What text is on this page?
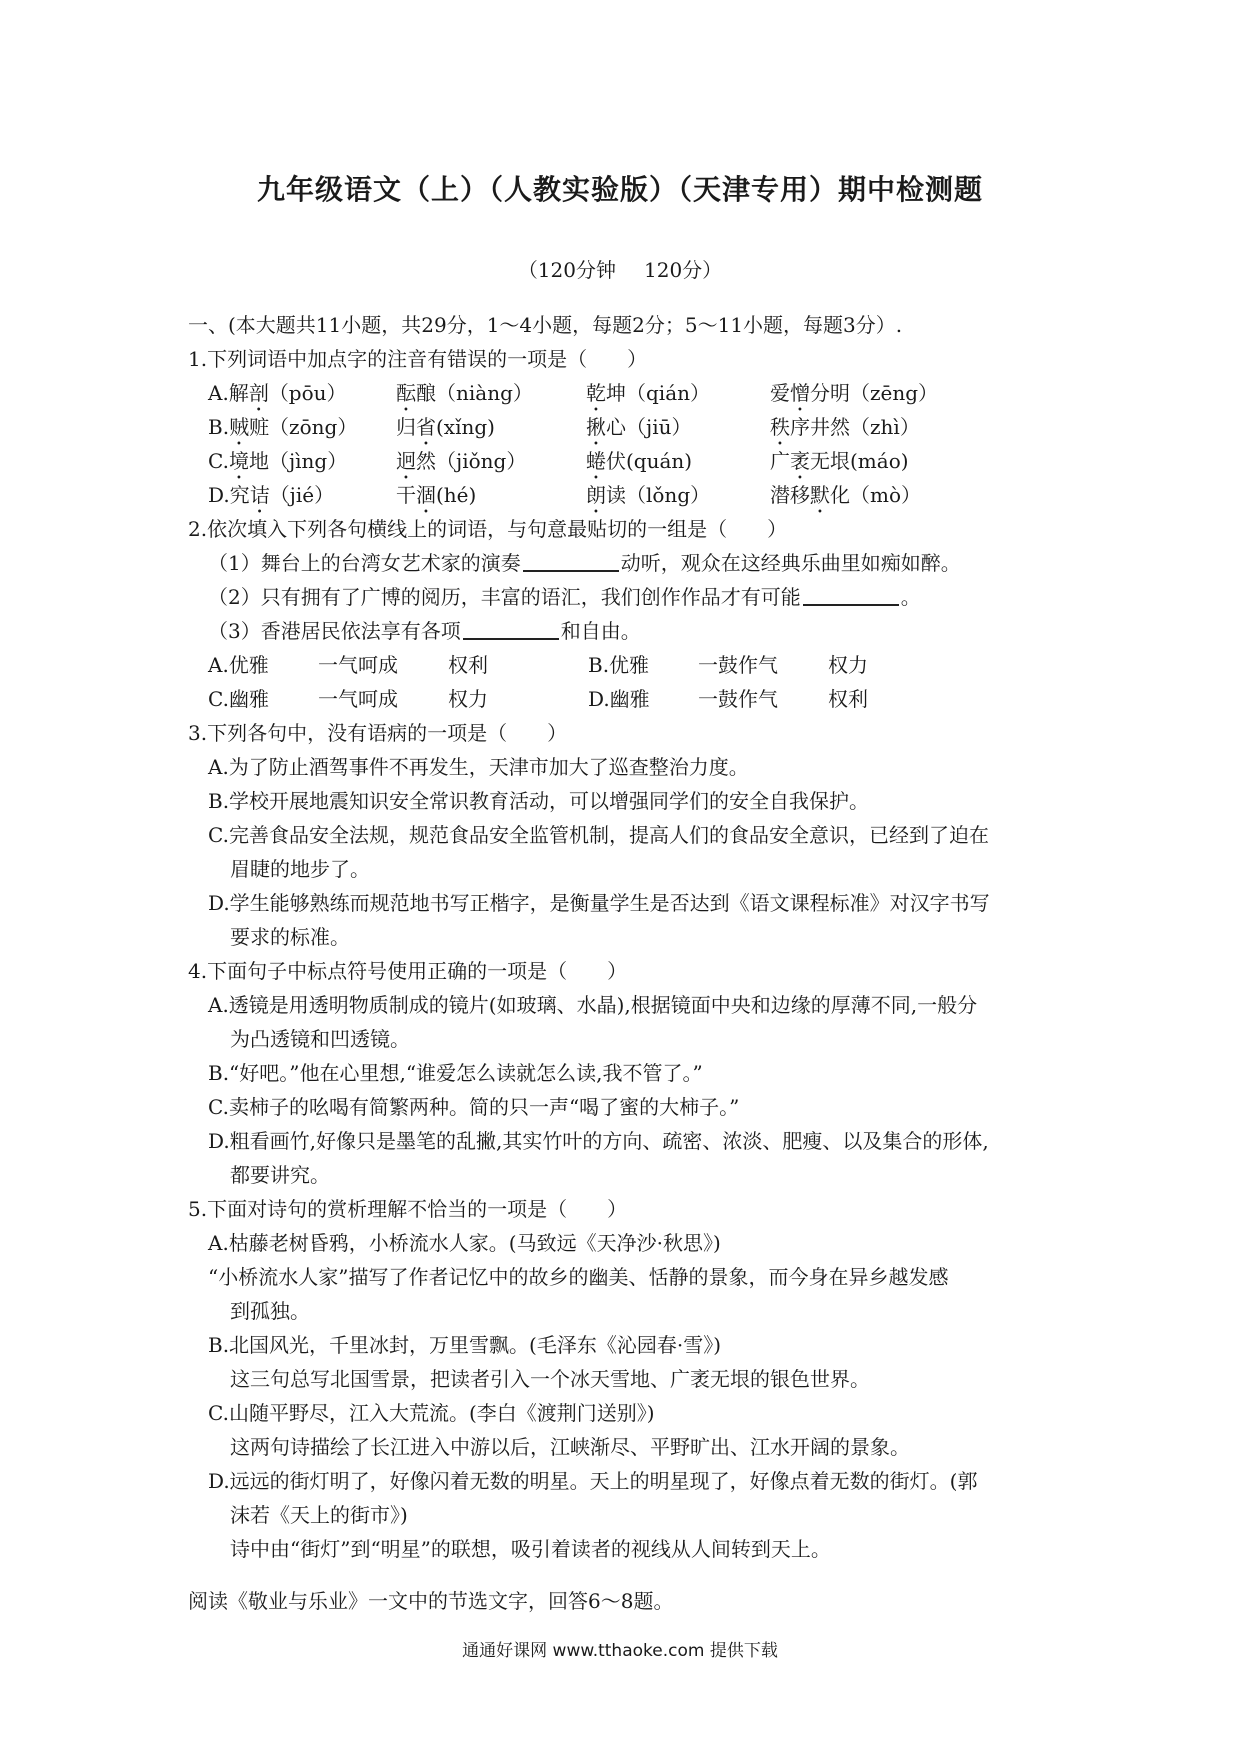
九年级语文（上）（人教实验版）（天津专用）期中检测题
（120分钟 120分）
一、(本大题共11小题，共29分，1～4小题，每题2分；5～11小题，每题3分）.
1.下列词语中加点字的注音有错误的一项是（　　）
A.解剖（pōu） 酝酿（niàng）	乾坤（qián）	爱憎分明（zēng）
B.贼赃（zōng） 归省(xǐng)	揪心（jiū）	秩序井然（zhì）
C.境地（jìng） 迥然（jiǒng）	蜷伏(quán)	广袤无垠(máo)
D.究诘（jié）	干涸(hé)	朗读（lǒng）	潜移默化（mò）
2.依次填入下列各句横线上的词语，与句意最贴切的一组是（　　）
（1）舞台上的台湾女艺术家的演奏	动听，观众在这经典乐曲里如痴如醉。
（2）只有拥有了广博的阅历，丰富的语汇，我们创作作品才有可能	。
（3）香港居民依法享有各项	和自由。
A.优雅 一气呵成	权利	B.优雅 一鼓作气	权力
C.幽雅 一气呵成	权力	D.幽雅 一鼓作气	权利
3.下列各句中，没有语病的一项是（　　）
A.为了防止酒驾事件不再发生，天津市加大了巡查整治力度。
B.学校开展地震知识安全常识教育活动，可以增强同学们的安全自我保护。
C.完善食品安全法规，规范食品安全监管机制，提高人们的食品安全意识，已经到了迫在
眉睫的地步了。
D.学生能够熟练而规范地书写正楷字，是衡量学生是否达到《语文课程标准》对汉字书写
要求的标准。
4.下面句子中标点符号使用正确的一项是（　　）
A.透镜是用透明物质制成的镜片(如玻璃、水晶),根据镜面中央和边缘的厚薄不同,一般分
为凸透镜和凹透镜。
B.“好吧。”他在心里想,“谁爱怎么读就怎么读,我不管了。”
C.卖柿子的吆喝有简繁两种。简的只一声“喝了蜜的大柿子。”
D.粗看画竹,好像只是墨笔的乱撇,其实竹叶的方向、疏密、浓淡、肥瘦、以及集合的形体,
都要讲究。
5.下面对诗句的赏析理解不恰当的一项是（　　）
A.枯藤老树昏鸦，小桥流水人家。(马致远《天净沙·秋思》)
“小桥流水人家”描写了作者记忆中的故乡的幽美、恬静的景象，而今身在异乡越发感
到孤独。
B.北国风光，千里冰封，万里雪飘。(毛泽东《沁园春·雪》)
这三句总写北国雪景，把读者引入一个冰天雪地、广袤无垠的银色世界。
C.山随平野尽，江入大荒流。(李白《渡荆门送别》)
这两句诗描绘了长江进入中游以后，江峡渐尽、平野旷出、江水开阔的景象。
D.远远的街灯明了，好像闪着无数的明星。天上的明星现了，好像点着无数的街灯。(郭
沫若《天上的街市》)
诗中由“街灯”到“明星”的联想，吸引着读者的视线从人间转到天上。
阅读《敬业与乐业》一文中的节选文字，回答6～8题。
通通好课网 www.tthaoke.com 提供下载
